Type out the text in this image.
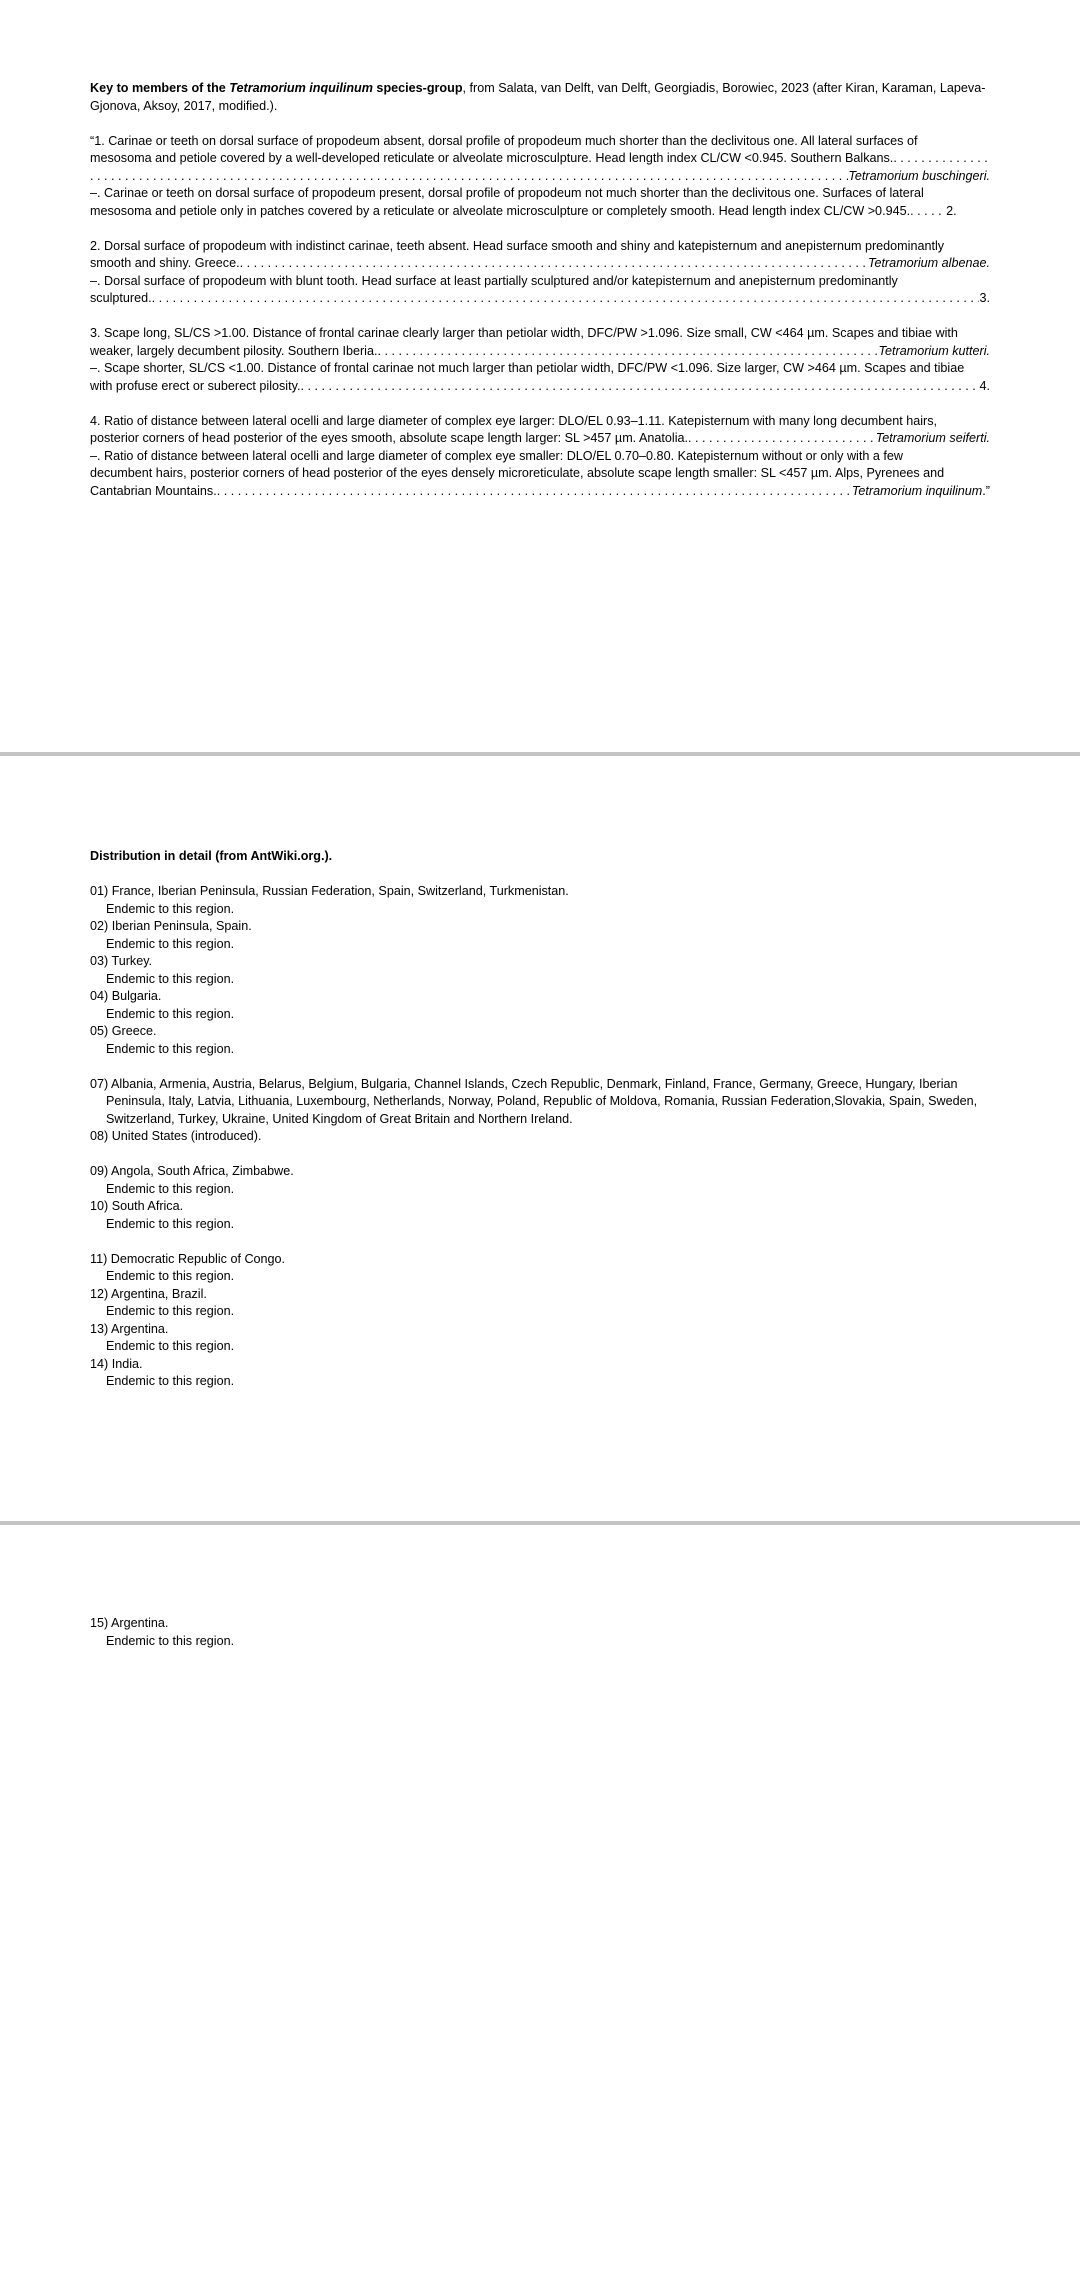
Key to members of the Tetramorium inquilinum species-group, from Salata, van Delft, van Delft, Georgiadis, Borowiec, 2023 (after Kiran, Karaman, Lapeva-Gjonova, Aksoy, 2017, modified.).

“1. Carinae or teeth on dorsal surface of propodeum absent, dorsal profile of propodeum much shorter than the declivitous one. All lateral surfaces of

mesosoma and petiole covered by a well-developed reticulate or alveolate microsculpture. Head length index CL/CW <0.945. Southern Balkans.
. . .
. . .
Tetramorium buschingeri.

–. Carinae or teeth on dorsal surface of propodeum present, dorsal profile of propodeum not much shorter than the declivitous one. Surfaces of lateral

mesosoma and petiole only in patches covered by a reticulate or alveolate microsculpture or completely smooth. Head length index CL/CW >0.945. . . .	2.

2. Dorsal surface of propodeum with indistinct carinae, teeth absent. Head surface smooth and shiny and katepisternum and anepisternum predominantly

smooth and shiny. Greece. . . .	Tetramorium albenae.

–. Dorsal surface of propodeum with blunt tooth. Head surface at least partially sculptured and/or katepisternum and anepisternum predominantly

sculptured. . . .	3.

3. Scape long, SL/CS >1.00. Distance of frontal carinae clearly larger than petiolar width, DFC/PW >1.096. Size small, CW <464 µm. Scapes and tibiae with

weaker, largely decumbent pilosity. Southern Iberia. . . .	Tetramorium kutteri.

–. Scape shorter, SL/CS <1.00. Distance of frontal carinae not much larger than petiolar width, DFC/PW <1.096. Size larger, CW >464 µm. Scapes and tibiae

with profuse erect or suberect pilosity. . . .	4.

4. Ratio of distance between lateral ocelli and large diameter of complex eye larger: DLO/EL 0.93–1.11. Katepisternum with many long decumbent hairs,

posterior corners of head posterior of the eyes smooth, absolute scape length larger: SL >457 µm. Anatolia. . . .	Tetramorium seiferti.

–. Ratio of distance between lateral ocelli and large diameter of complex eye smaller: DLO/EL 0.70–0.80. Katepisternum without or only with a few

decumbent hairs, posterior corners of head posterior of the eyes densely microreticulate, absolute scape length smaller: SL <457 µm. Alps, Pyrenees and

Cantabrian Mountains. . . .	Tetramorium inquilinum .”

Distribution in detail (from AntWiki.org.).

01) France, Iberian Peninsula, Russian Federation, Spain, Switzerland, Turkmenistan.

Endemic to this region.

02) Iberian Peninsula, Spain.

Endemic to this region.

03) Turkey.

Endemic to this region.

04) Bulgaria.

Endemic to this region.

05) Greece.

Endemic to this region.

07) Albania, Armenia, Austria, Belarus, Belgium, Bulgaria, Channel Islands, Czech Republic, Denmark, Finland, France, Germany, Greece, Hungary, Iberian

Peninsula, Italy, Latvia, Lithuania, Luxembourg, Netherlands, Norway, Poland, Republic of Moldova, Romania, Russian Federation,Slovakia, Spain, Sweden,

Switzerland, Turkey, Ukraine, United Kingdom of Great Britain and Northern Ireland.

08) United States (introduced).

09) Angola, South Africa, Zimbabwe.

Endemic to this region.

10) South Africa.

Endemic to this region.

11) Democratic Republic of Congo.

Endemic to this region.

12) Argentina, Brazil.

Endemic to this region.

13) Argentina.

Endemic to this region.

14) India.

Endemic to this region.

15) Argentina.

Endemic to this region.
